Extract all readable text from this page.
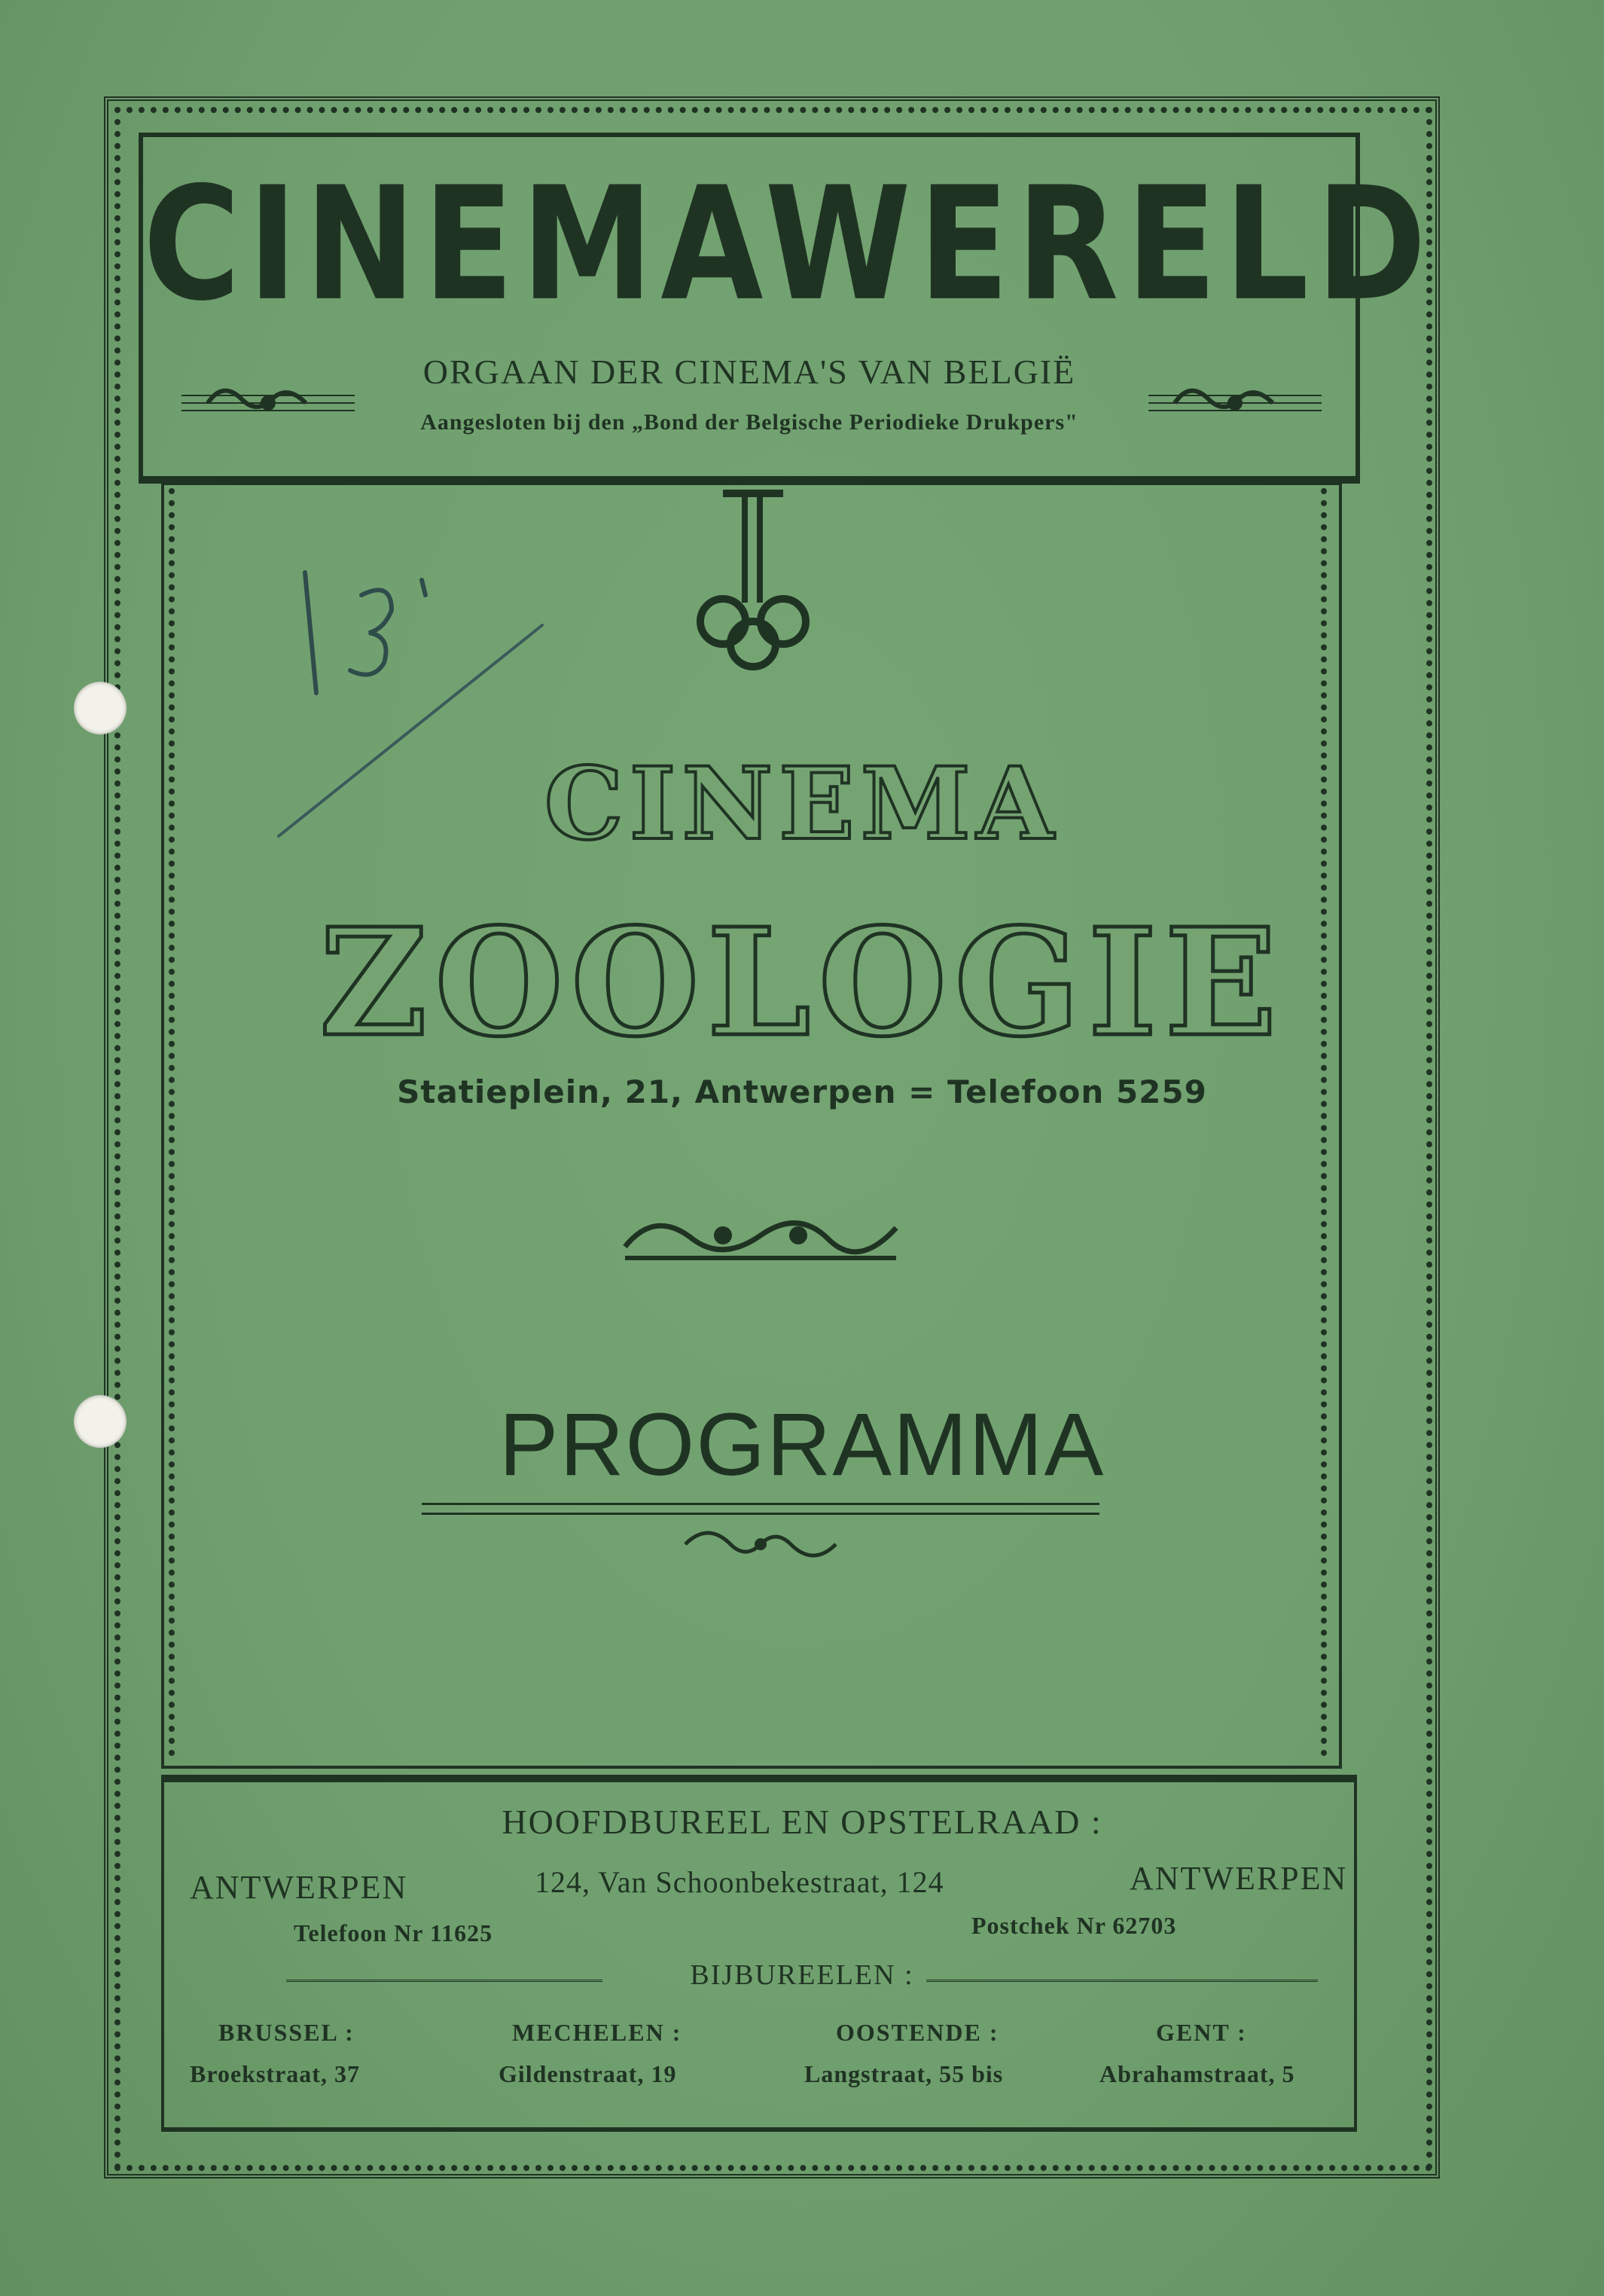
CINEMAWERELD
ORGAAN DER CINEMA'S VAN BELGIË
Aangesloten bij den „Bond der Belgische Periodieke Drukpers"
CINEMA
ZOOLOGIE
Statieplein, 21, Antwerpen = Telefoon 5259
PROGRAMMA
HOOFDBUREEL EN OPSTELRAAD :
ANTWERPEN	124, Van Schoonbekestraat, 124	ANTWERPEN
Telefoon Nr 11625	Postchek Nr 62703
BIJBUREELEN :
BRUSSEL :
Broekstraat, 37
MECHELEN :
Gildenstraat, 19
OOSTENDE :
Langstraat, 55 bis
GENT :
Abrahamstraat, 5
